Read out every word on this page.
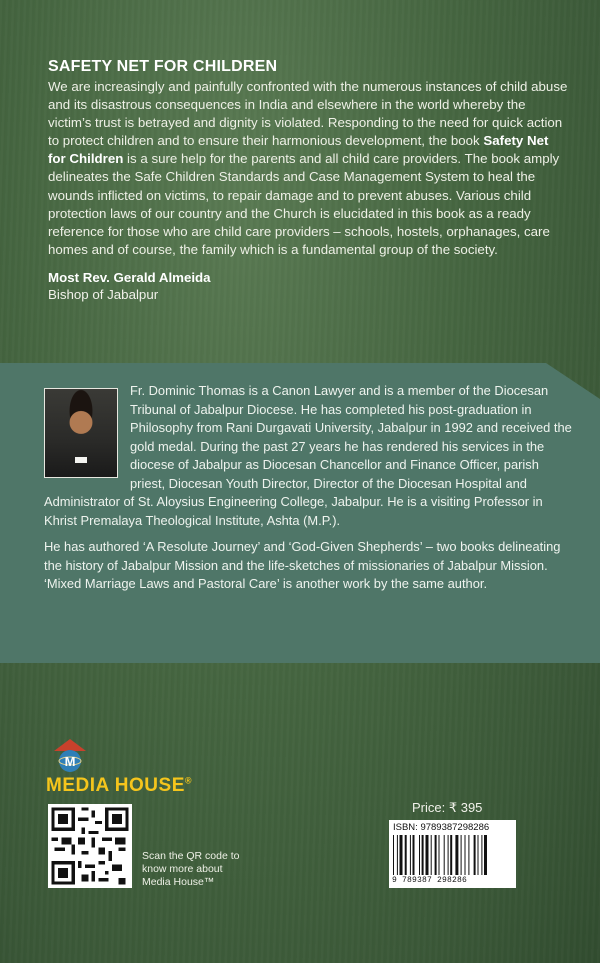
SAFETY NET FOR CHILDREN

We are increasingly and painfully confronted with the numerous instances of child abuse and its disastrous consequences in India and elsewhere in the world whereby the victim’s trust is betrayed and dignity is violated. Responding to the need for quick action to protect children and to ensure their harmonious development, the book Safety Net for Children is a sure help for the parents and all child care providers. The book amply delineates the Safe Children Standards and Case Management System to heal the wounds inflicted on victims, to repair damage and to prevent abuses. Various child protection laws of our country and the Church is elucidated in this book as a ready reference for those who are child care providers – schools, hostels, orphanages, care homes and of course, the family which is a fundamental group of the society.

Most Rev. Gerald Almeida
Bishop of Jabalpur

Fr. Dominic Thomas is a Canon Lawyer and is a member of the Diocesan Tribunal of Jabalpur Diocese. He has completed his post-graduation in Philosophy from Rani Durgavati University, Jabalpur in 1992 and received the gold medal. During the past 27 years he has rendered his services in the diocese of Jabalpur as Diocesan Chancellor and Finance Officer, parish priest, Diocesan Youth Director, Director of the Diocesan Hospital and Administrator of St. Aloysius Engineering College, Jabalpur. He is a visiting Professor in Khrist Premalaya Theological Institute, Ashta (M.P.).

He has authored ‘A Resolute Journey’ and ‘God-Given Shepherds’ – two books delineating the history of Jabalpur Mission and the life-sketches of missionaries of Jabalpur Mission. ‘Mixed Marriage Laws and Pastoral Care’ is another work by the same author.

M
MEDIA HOUSE®
Scan the QR code to know more about Media House™
Price: ₹ 395
ISBN: 9789387298286
9 789387 298286
